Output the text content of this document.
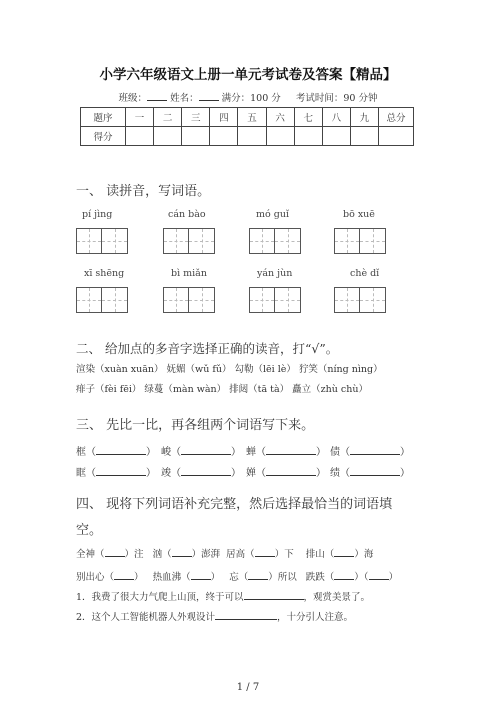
小学六年级语文上册一单元考试卷及答案【精品】
班级： 姓名： 满分：100 分 考试时间：90 分钟
题序	一	二	三	四	五	六	七	八	九	总分
得分										
一、 读拼音，写词语。
pí jìng	cán bào	mó guǐ	bō xuē
xī shēng	bì miǎn	yán jùn	chè dǐ
二、 给加点的多音字选择正确的读音，打“√”。
渲染（xuàn xuān） 妩媚（wǔ fǔ） 勾勒（lēi lè） 狞笑（níng nìng）
痱子（fèi fēi） 绿蔓（màn wàn） 排闼（tā tà） 矗立（zhù chù）
三、 先比一比，再各组两个词语写下来。
框（	） 峻（	） 蝉（	） 债（	）
眶（	） 竣（	） 婵（	） 绩（	）
四、 现将下列词语补充完整，然后选择最恰当的词语填
空。
全神（ ）注 汹（ ）澎湃 居高（ ）下 排山（ ）海
别出心（ ） 热血沸（ ） 忘（ ）所以 跌跌（ ）（ ）
1．我费了很大力气爬上山顶，终于可以	，观赏美景了。
2．这个人工智能机器人外观设计	，十分引人注意。
1 / 7
